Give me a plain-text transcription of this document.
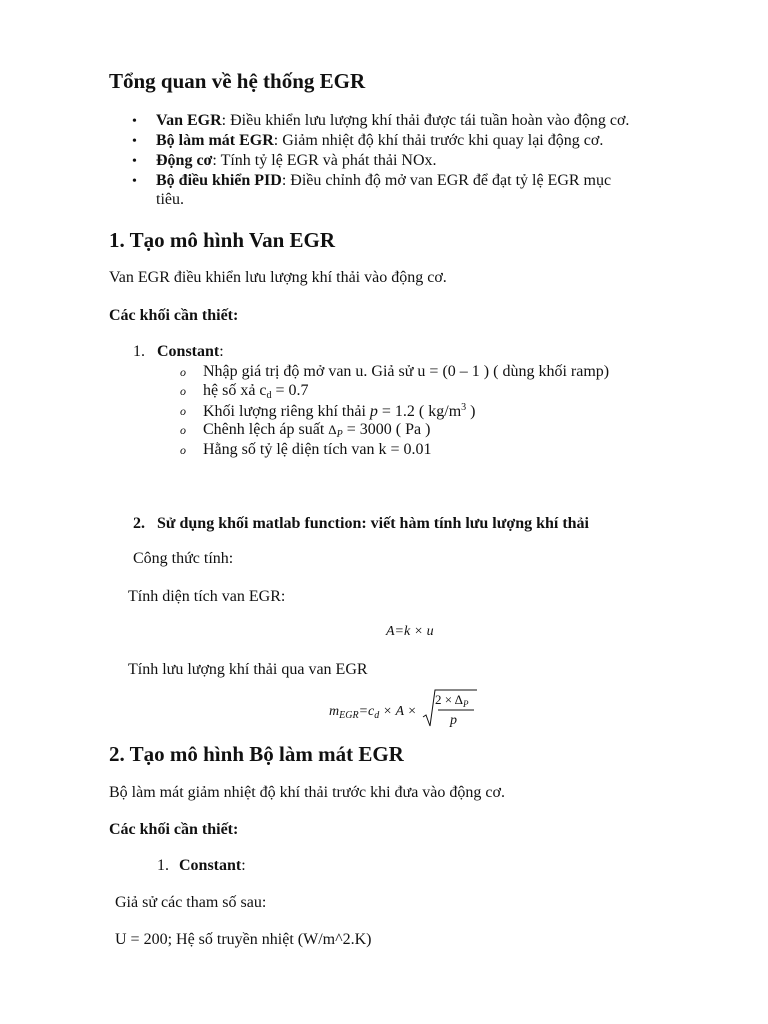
Tổng quan về hệ thống EGR
• Van EGR: Điều khiển lưu lượng khí thải được tái tuần hoàn vào động cơ.
• Bộ làm mát EGR: Giảm nhiệt độ khí thải trước khi quay lại động cơ.
• Động cơ: Tính tỷ lệ EGR và phát thải NOx.
• Bộ điều khiển PID: Điều chỉnh độ mở van EGR để đạt tỷ lệ EGR mục
tiêu.
1. Tạo mô hình Van EGR
Van EGR điều khiển lưu lượng khí thải vào động cơ.
Các khối cần thiết:
1. Constant:
o Nhập giá trị độ mở van u. Giả sử u = (0 – 1 ) ( dùng khối ramp)
o hệ số xả cd = 0.7
o Khối lượng riêng khí thải p = 1.2 ( $kg/m^3$ )
o Chênh lệch áp suất $\Delta_P = 3000$ ( Pa )
o Hằng số tỷ lệ diện tích van k = 0.01
2. Sử dụng khối matlab function: viết hàm tính lưu lượng khí thải
Công thức tính:
Tính diện tích van EGR:
A=k × u
Tính lưu lượng khí thải qua van EGR
$m_{EGR}=c_d \times A$ ×
$2 \times \Delta_P$
p
2. Tạo mô hình Bộ làm mát EGR
Bộ làm mát giảm nhiệt độ khí thải trước khi đưa vào động cơ.
Các khối cần thiết:
1. Constant:
Giả sử các tham số sau:
U = 200; Hệ số truyền nhiệt (W/m^2.K)
